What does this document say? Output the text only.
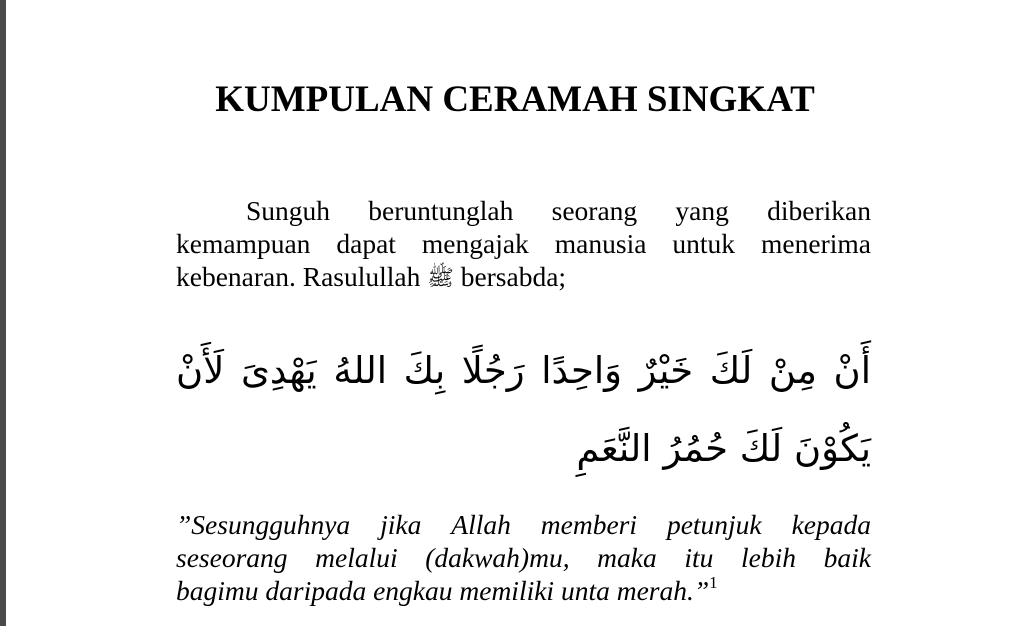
KUMPULAN CERAMAH SINGKAT
Sunguh beruntunglah seorang yang diberikan
kemampuan dapat mengajak manusia untuk menerima
kebenaran. Rasulullah ﷺ bersabda;
لَأَنْ يَهْدِىَ اللهُ بِكَ رَجُلًا وَاحِدًا خَيْرٌ لَكَ مِنْ أَنْ

يَكُوْنَ لَكَ حُمُرُ النَّعَمِ

”Sesungguhnya jika Allah memberi petunjuk kepada
seseorang melalui (dakwah)mu, maka itu lebih baik
bagimu daripada engkau memiliki unta merah.”$^1$
